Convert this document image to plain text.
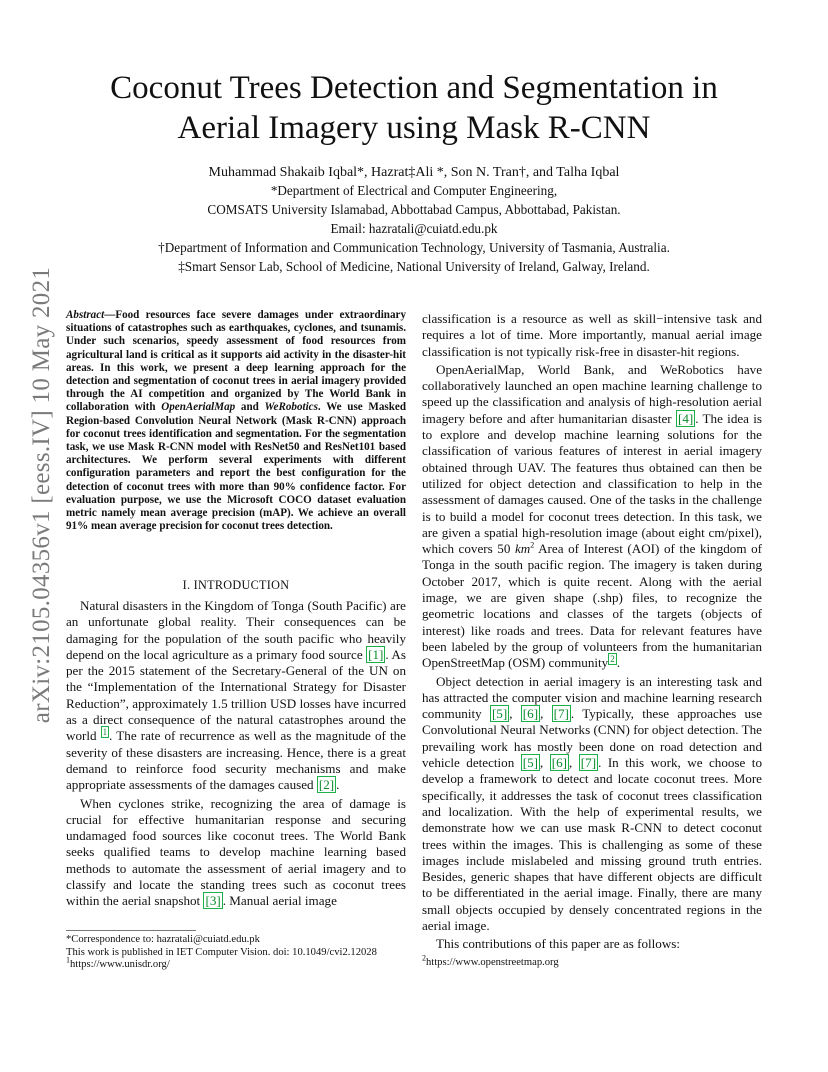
arXiv:2105.04356v1 [eess.IV] 10 May 2021
Coconut Trees Detection and Segmentation in
Aerial Imagery using Mask R-CNN
Muhammad Shakaib Iqbal*, Hazrat‡Ali *, Son N. Tran†, and Talha Iqbal
*Department of Electrical and Computer Engineering,
COMSATS University Islamabad, Abbottabad Campus, Abbottabad, Pakistan.
Email: hazratali@cuiatd.edu.pk
†Department of Information and Communication Technology, University of Tasmania, Australia.
‡Smart Sensor Lab, School of Medicine, National University of Ireland, Galway, Ireland.
Abstract—Food resources face severe damages under extraordinary situations of catastrophes such as earthquakes, cyclones, and tsunamis. Under such scenarios, speedy assessment of food resources from agricultural land is critical as it supports aid activity in the disaster-hit areas. In this work, we present a deep learning approach for the detection and segmentation of coconut trees in aerial imagery provided through the AI competition and organized by The World Bank in collaboration with OpenAerialMap and WeRobotics. We use Masked Region-based Convolution Neural Network (Mask R-CNN) approach for coconut trees identification and segmentation. For the segmentation task, we use Mask R-CNN model with ResNet50 and ResNet101 based architectures. We perform several experiments with different configuration parameters and report the best configuration for the detection of coconut trees with more than 90% confidence factor. For evaluation purpose, we use the Microsoft COCO dataset evaluation metric namely mean average precision (mAP). We achieve an overall 91% mean average precision for coconut trees detection.
I. INTRODUCTION

Natural disasters in the Kingdom of Tonga (South Pacific) are an unfortunate global reality. Their consequences can be damaging for the population of the south pacific who heavily depend on the local agriculture as a primary food source [1] . As per the 2015 statement of the Secretary-General of the UN on the “Implementation of the International Strategy for Disaster Reduction”, approximately 1.5 trillion USD losses have incurred as a direct consequence of the natural catastrophes around the world $^1$ . The rate of recurrence as well as the magnitude of the severity of these disasters are increasing. Hence, there is a great demand to reinforce food security mechanisms and make appropriate assessments of the damages caused [2] .

When cyclones strike, recognizing the area of damage is crucial for effective humanitarian response and securing undamaged food sources like coconut trees. The World Bank seeks qualified teams to develop machine learning based methods to automate the assessment of aerial imagery and to classify and locate the standing trees such as coconut trees within the aerial snapshot [3] . Manual aerial image

classification is a resource as well as skill−intensive task and requires a lot of time. More importantly, manual aerial image classification is not typically risk-free in disaster-hit regions.

OpenAerialMap, World Bank, and WeRobotics have collaboratively launched an open machine learning challenge to speed up the classification and analysis of high-resolution aerial imagery before and after humanitarian disaster [4] . The idea is to explore and develop machine learning solutions for the classification of various features of interest in aerial imagery obtained through UAV. The features thus obtained can then be utilized for object detection and classification to help in the assessment of damages caused. One of the tasks in the challenge is to build a model for coconut trees detection. In this task, we are given a spatial high-resolution image (about eight cm/pixel), which covers 50 $km^2$ Area of Interest (AOI) of the kingdom of Tonga in the south pacific region. The imagery is taken during October 2017, which is quite recent. Along with the aerial image, we are given shape (.shp) files, to recognize the geometric locations and classes of the targets (objects of interest) like roads and trees. Data for relevant features have been labeled by the group of volunteers from the humanitarian OpenStreetMap (OSM) community $^2$ .

Object detection in aerial imagery is an interesting task and has attracted the computer vision and machine learning research community [5] , [6] , [7] . Typically, these approaches use Convolutional Neural Networks (CNN) for object detection. The prevailing work has mostly been done on road detection and vehicle detection [5] , [6] , [7] . In this work, we choose to develop a framework to detect and locate coconut trees. More specifically, it addresses the task of coconut trees classification and localization. With the help of experimental results, we demonstrate how we can use mask R-CNN to detect coconut trees within the images. This is challenging as some of these images include mislabeled and missing ground truth entries. Besides, generic shapes that have different objects are difficult to be differentiated in the aerial image. Finally, there are many small objects occupied by densely concentrated regions in the aerial image.

This contributions of this paper are as follows:

*Correspondence to: hazratali@cuiatd.edu.pk
This work is published in IET Computer Vision. doi: 10.1049/cvi2.12028
$^1$https://www.unisdr.org/
$^2$https://www.openstreetmap.org
